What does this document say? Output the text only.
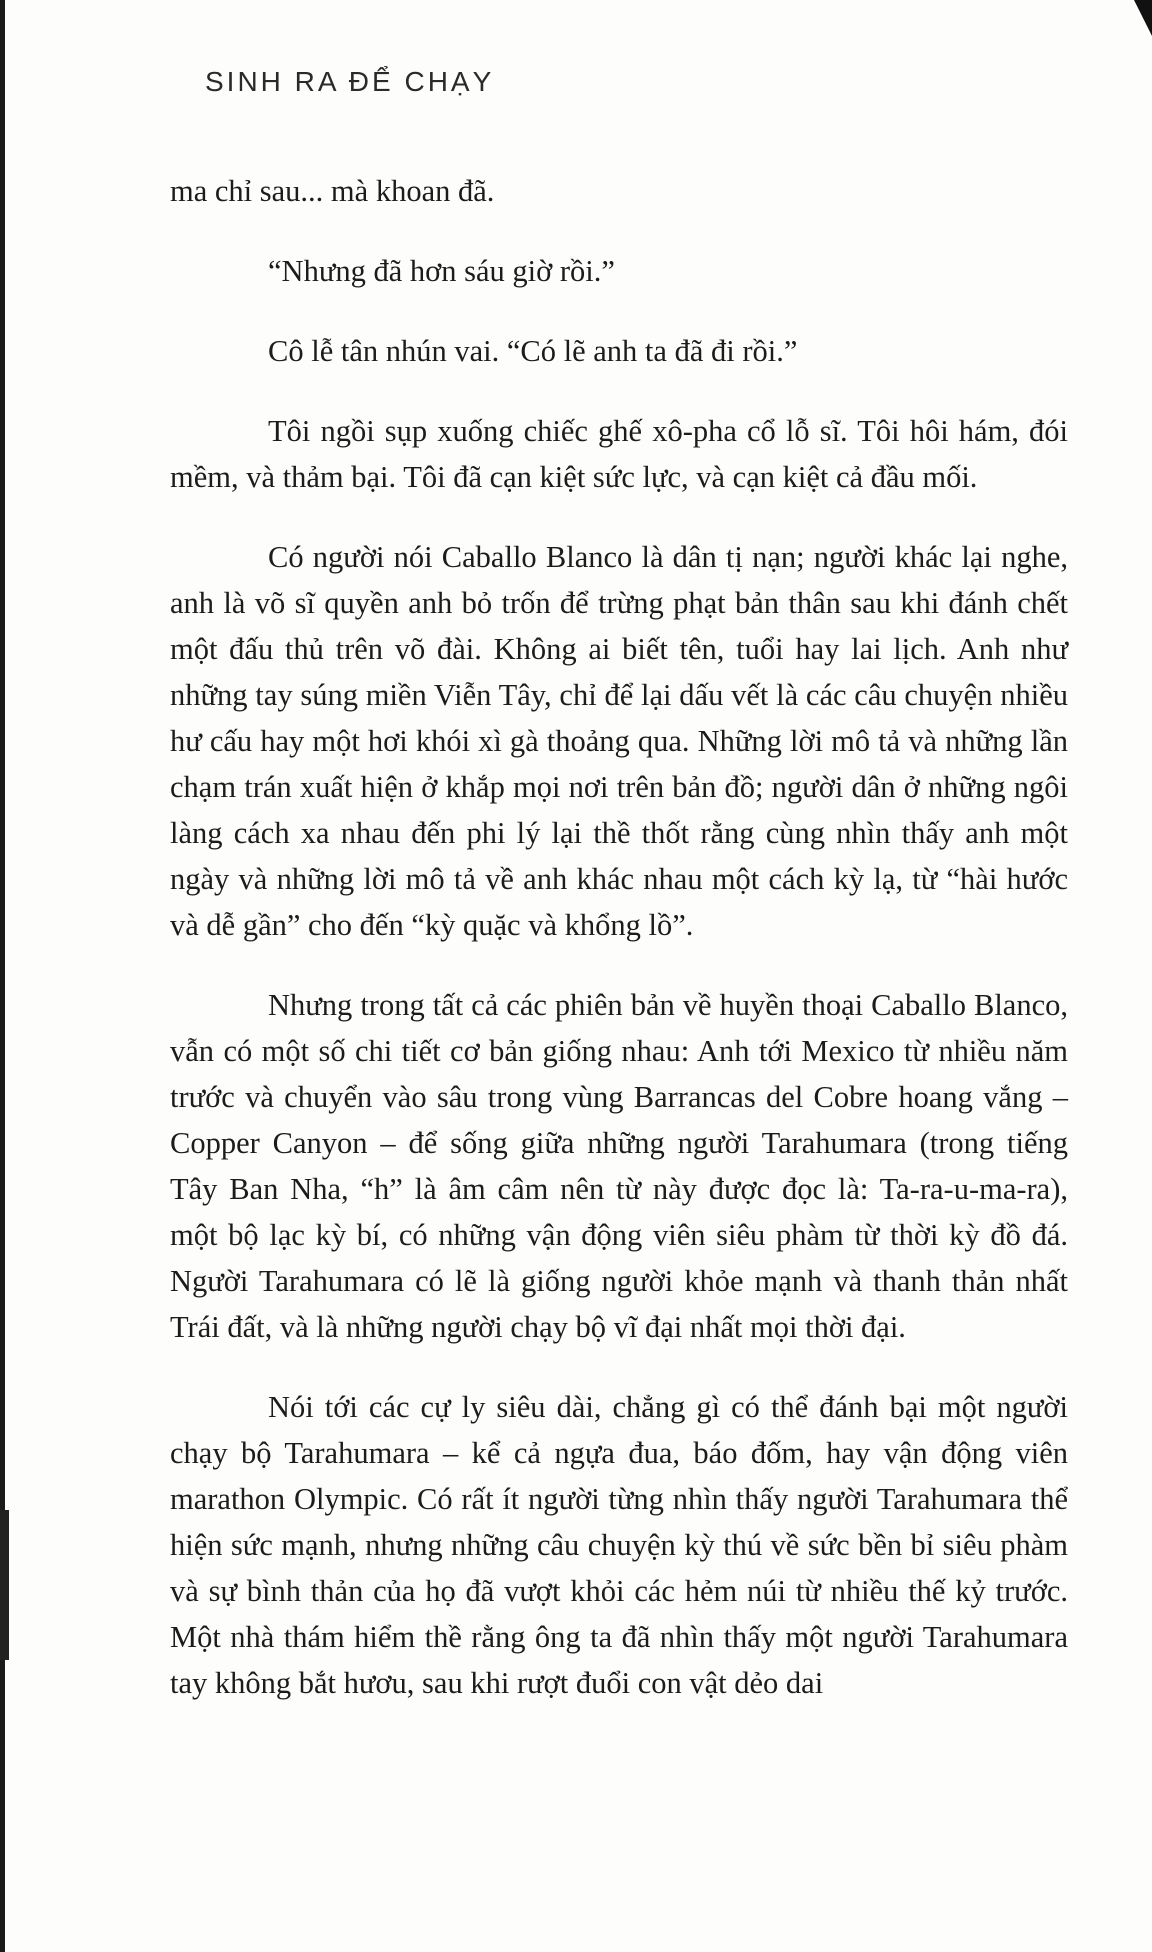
SINH RA ĐỂ CHẠY

ma chỉ sau... mà khoan đã.

“Nhưng đã hơn sáu giờ rồi.”

Cô lễ tân nhún vai. “Có lẽ anh ta đã đi rồi.”

Tôi ngồi sụp xuống chiếc ghế xô-pha cổ lỗ sĩ. Tôi hôi hám, đói mềm, và thảm bại. Tôi đã cạn kiệt sức lực, và cạn kiệt cả đầu mối.

Có người nói Caballo Blanco là dân tị nạn; người khác lại nghe, anh là võ sĩ quyền anh bỏ trốn để trừng phạt bản thân sau khi đánh chết một đấu thủ trên võ đài. Không ai biết tên, tuổi hay lai lịch. Anh như những tay súng miền Viễn Tây, chỉ để lại dấu vết là các câu chuyện nhiều hư cấu hay một hơi khói xì gà thoảng qua. Những lời mô tả và những lần chạm trán xuất hiện ở khắp mọi nơi trên bản đồ; người dân ở những ngôi làng cách xa nhau đến phi lý lại thề thốt rằng cùng nhìn thấy anh một ngày và những lời mô tả về anh khác nhau một cách kỳ lạ, từ “hài hước và dễ gần” cho đến “kỳ quặc và khổng lồ”.

Nhưng trong tất cả các phiên bản về huyền thoại Caballo Blanco, vẫn có một số chi tiết cơ bản giống nhau: Anh tới Mexico từ nhiều năm trước và chuyển vào sâu trong vùng Barrancas del Cobre hoang vắng – Copper Canyon – để sống giữa những người Tarahumara (trong tiếng Tây Ban Nha, “h” là âm câm nên từ này được đọc là: Ta-ra-u-ma-ra), một bộ lạc kỳ bí, có những vận động viên siêu phàm từ thời kỳ đồ đá. Người Tarahumara có lẽ là giống người khỏe mạnh và thanh thản nhất Trái đất, và là những người chạy bộ vĩ đại nhất mọi thời đại.

Nói tới các cự ly siêu dài, chẳng gì có thể đánh bại một người chạy bộ Tarahumara – kể cả ngựa đua, báo đốm, hay vận động viên marathon Olympic. Có rất ít người từng nhìn thấy người Tarahumara thể hiện sức mạnh, nhưng những câu chuyện kỳ thú về sức bền bỉ siêu phàm và sự bình thản của họ đã vượt khỏi các hẻm núi từ nhiều thế kỷ trước. Một nhà thám hiểm thề rằng ông ta đã nhìn thấy một người Tarahumara tay không bắt hươu, sau khi rượt đuổi con vật dẻo dai
